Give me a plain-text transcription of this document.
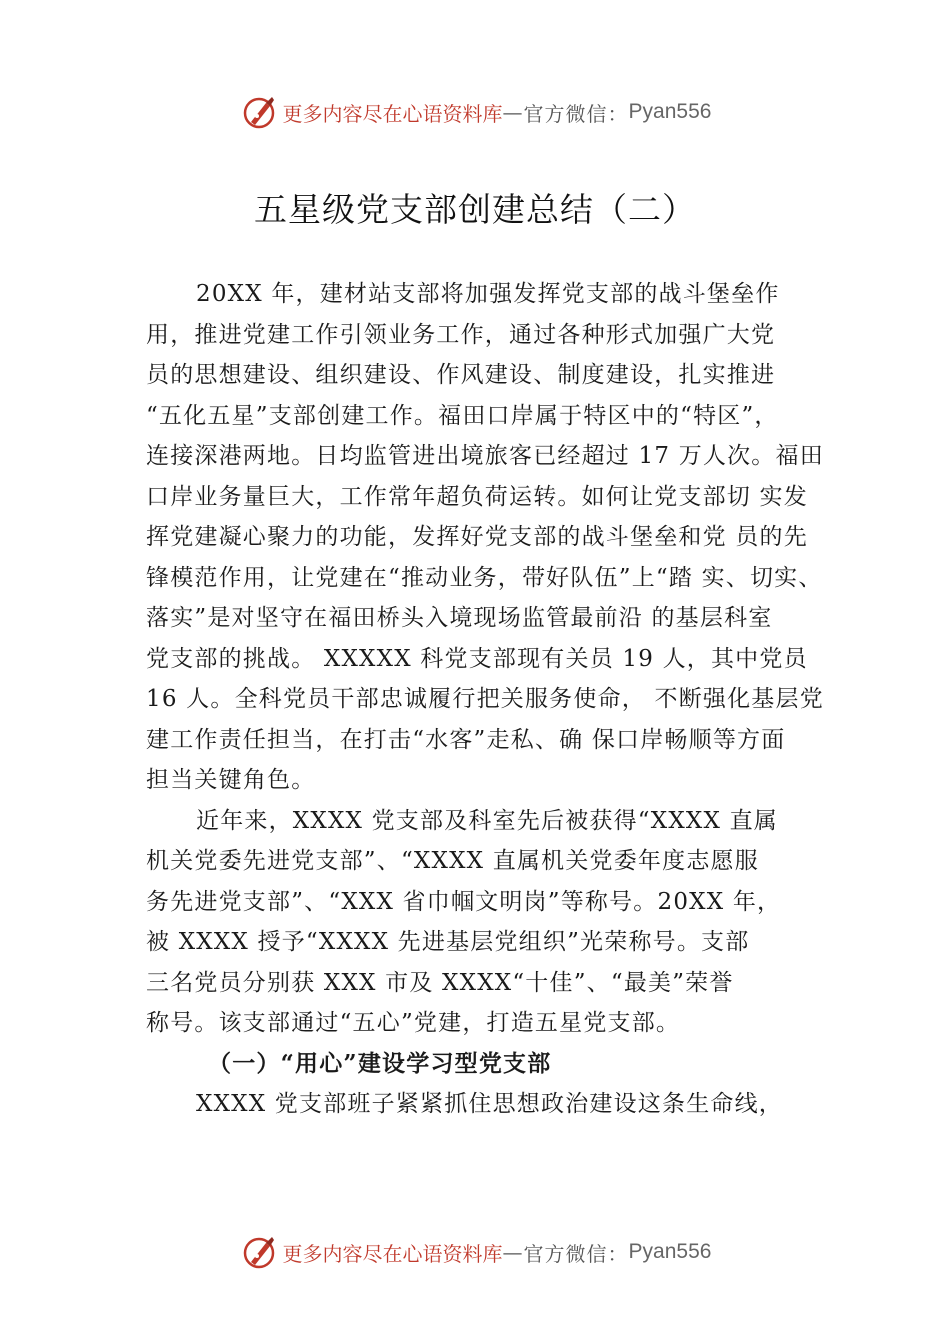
更多内容尽在心语资料库 — 官方微信： Pyan556
五星级党支部创建总结（二）
20XX 年，建材站支部将加强发挥党支部的战斗堡垒作
用，推进党建工作引领业务工作，通过各种形式加强广大党
员的思想建设、组织建设、作风建设、制度建设，扎实推进
“五化五星”支部创建工作。福田口岸属于特区中的“特区”，
连接深港两地。日均监管进出境旅客已经超过 17 万人次。福田
口岸业务量巨大，工作常年超负荷运转。如何让党支部切 实发
挥党建凝心聚力的功能，发挥好党支部的战斗堡垒和党 员的先
锋模范作用，让党建在“推动业务，带好队伍”上“踏 实、切实、
落实”是对坚守在福田桥头入境现场监管最前沿 的基层科室
党支部的挑战。 XXXXX 科党支部现有关员 19 人，其中党员
16 人。全科党员干部忠诚履行把关服务使命， 不断强化基层党
建工作责任担当，在打击“水客”走私、确 保口岸畅顺等方面
担当关键角色。
近年来，XXXX 党支部及科室先后被获得“XXXX 直属
机关党委先进党支部”、“XXXX 直属机关党委年度志愿服
务先进党支部”、“XXX 省巾帼文明岗”等称号。20XX 年，
被 XXXX 授予“XXXX 先进基层党组织”光荣称号。支部
三名党员分别获 XXX 市及 XXXX“十佳”、“最美”荣誉
称号。该支部通过“五心”党建，打造五星党支部。
（一）“用心”建设学习型党支部
XXXX 党支部班子紧紧抓住思想政治建设这条生命线，
更多内容尽在心语资料库 — 官方微信： Pyan556
